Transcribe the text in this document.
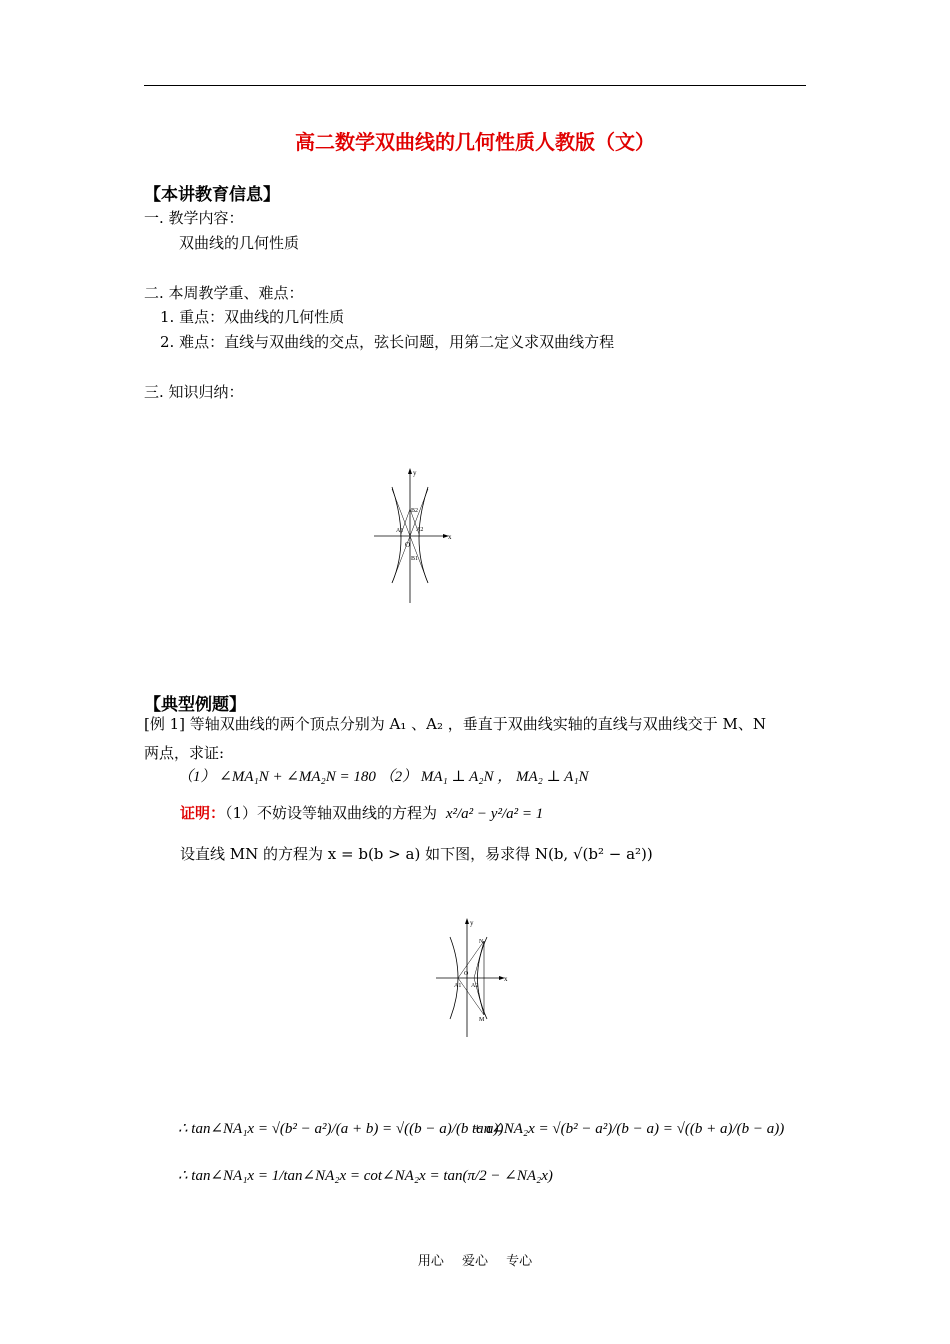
高二数学双曲线的几何性质人教版（文）
【本讲教育信息】
一. 教学内容：
双曲线的几何性质
二. 本周教学重、难点：
1. 重点：双曲线的几何性质
2. 难点：直线与双曲线的交点，弦长问题，用第二定义求双曲线方程
三. 知识归纳：
y
x
B2
A1 A2
O
B1
【典型例题】
[例 1] 等轴双曲线的两个顶点分别为 A₁ 、A₂ ，垂直于双曲线实轴的直线与双曲线交于 M、N
两点，求证:
（1） ∠MA₁N + ∠MA₂N = 180 （2） MA₁ ⊥ A₂N ， MA₂ ⊥ A₁N
证明：（1）不妨设等轴双曲线的方程为 x²/a² − y²/a² = 1
设直线 MN 的方程为 x = b(b > a) 如下图，易求得 N(b, √(b² − a²))
y
x
N
A1
O
A2
M
∴ tan∠NA₁x = √(b² − a²)/(a + b) = √((b − a)/(b + a))
tan∠NA₂x = √(b² − a²)/(b − a) = √((b + a)/(b − a))
∴ tan∠NA₁x = 1/tan∠NA₂x = cot∠NA₂x = tan(π/2 − ∠NA₂x)
用心 爱心 专心
